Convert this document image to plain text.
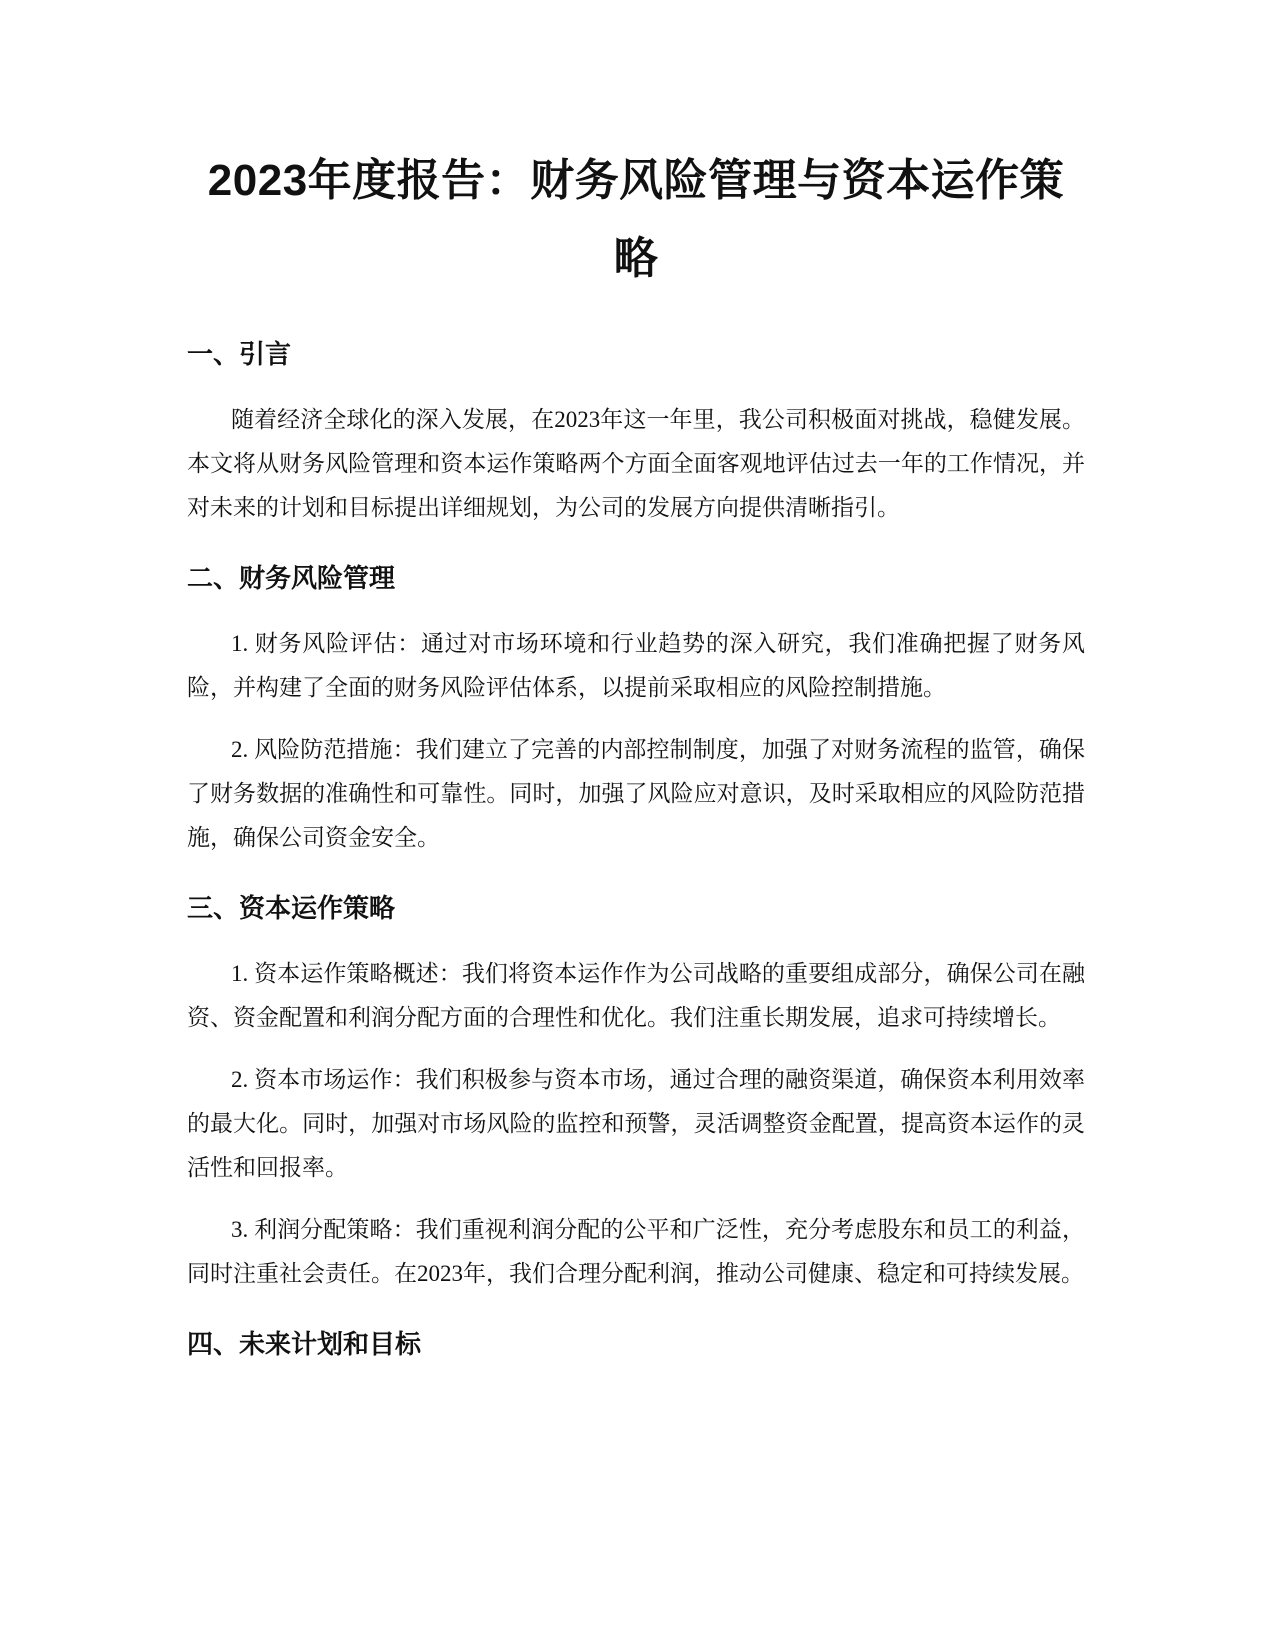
2023年度报告：财务风险管理与资本运作策略
一、引言

随着经济全球化的深入发展，在2023年这一年里，我公司积极面对挑战，稳健发展。本文将从财务风险管理和资本运作策略两个方面全面客观地评估过去一年的工作情况，并对未来的计划和目标提出详细规划，为公司的发展方向提供清晰指引。

二、财务风险管理

1. 财务风险评估：通过对市场环境和行业趋势的深入研究，我们准确把握了财务风险，并构建了全面的财务风险评估体系，以提前采取相应的风险控制措施。

2. 风险防范措施：我们建立了完善的内部控制制度，加强了对财务流程的监管，确保了财务数据的准确性和可靠性。同时，加强了风险应对意识，及时采取相应的风险防范措施，确保公司资金安全。

三、资本运作策略

1. 资本运作策略概述：我们将资本运作作为公司战略的重要组成部分，确保公司在融资、资金配置和利润分配方面的合理性和优化。我们注重长期发展，追求可持续增长。

2. 资本市场运作：我们积极参与资本市场，通过合理的融资渠道，确保资本利用效率的最大化。同时，加强对市场风险的监控和预警，灵活调整资金配置，提高资本运作的灵活性和回报率。

3. 利润分配策略：我们重视利润分配的公平和广泛性，充分考虑股东和员工的利益，同时注重社会责任。在2023年，我们合理分配利润，推动公司健康、稳定和可持续发展。

四、未来计划和目标
